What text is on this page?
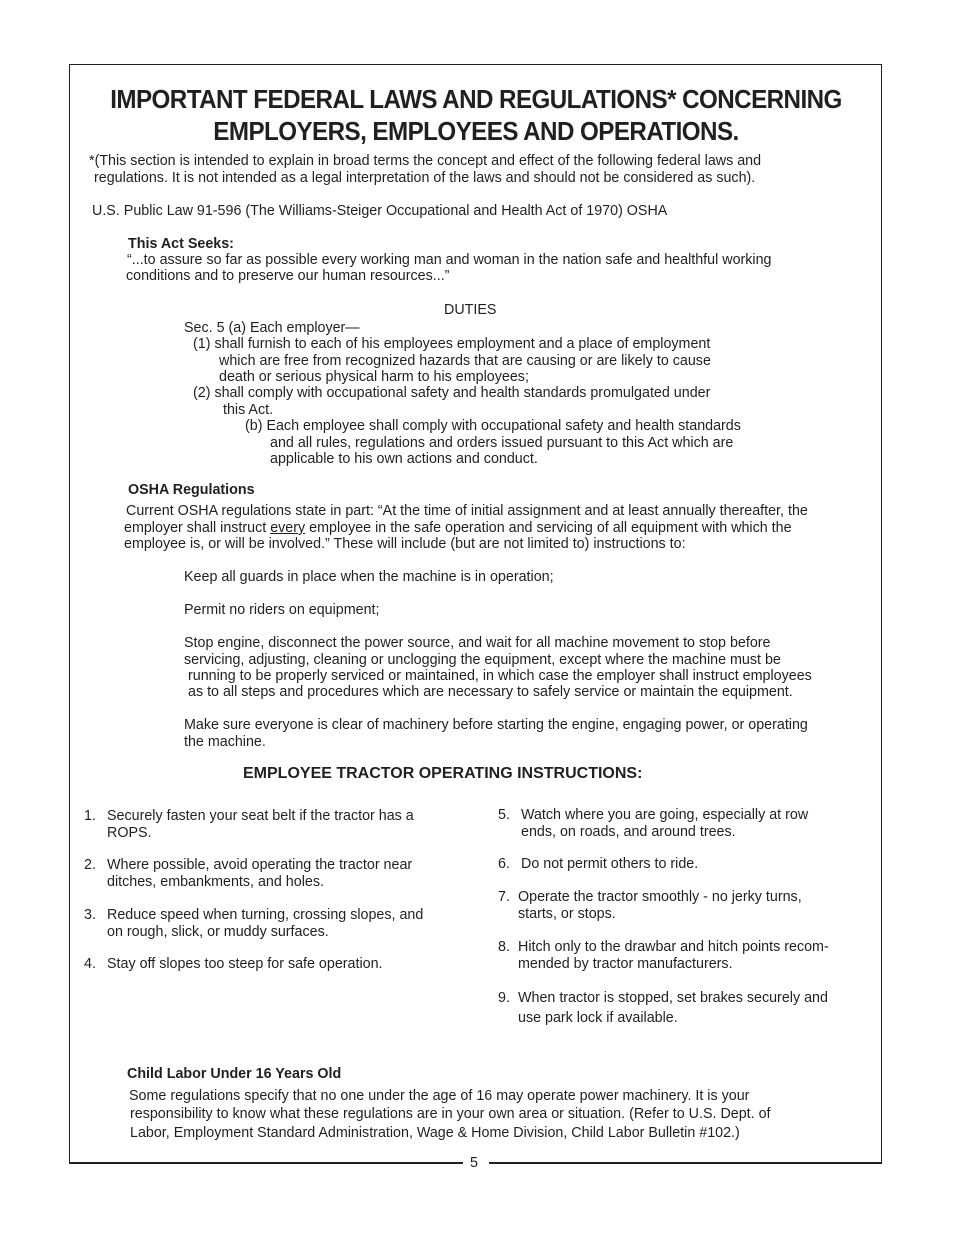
IMPORTANT FEDERAL LAWS AND REGULATIONS* CONCERNING
EMPLOYERS, EMPLOYEES AND OPERATIONS.
*(This section is intended to explain in broad terms the concept and effect of the following federal laws and
regulations. It is not intended as a legal interpretation of the laws and should not be considered as such).
U.S. Public Law 91-596 (The Williams-Steiger Occupational and Health Act of 1970) OSHA
This Act Seeks:
“...to assure so far as possible every working man and woman in the nation safe and healthful working
conditions and to preserve our human resources...”
DUTIES
Sec. 5 (a) Each employer—
(1) shall furnish to each of his employees employment and a place of employment
which are free from recognized hazards that are causing or are likely to cause
death or serious physical harm to his employees;
(2) shall comply with occupational safety and health standards promulgated under
this Act.
(b) Each employee shall comply with occupational safety and health standards
and all rules, regulations and orders issued pursuant to this Act which are
applicable to his own actions and conduct.
OSHA Regulations
Current OSHA regulations state in part: “At the time of initial assignment and at least annually thereafter, the
employer shall instruct every employee in the safe operation and servicing of all equipment with which the
employee is, or will be involved.” These will include (but are not limited to) instructions to:
Keep all guards in place when the machine is in operation;
Permit no riders on equipment;
Stop engine, disconnect the power source, and wait for all machine movement to stop before
servicing, adjusting, cleaning or unclogging the equipment, except where the machine must be
running to be properly serviced or maintained, in which case the employer shall instruct employees
as to all steps and procedures which are necessary to safely service or maintain the equipment.
Make sure everyone is clear of machinery before starting the engine, engaging power, or operating
the machine.
EMPLOYEE TRACTOR OPERATING INSTRUCTIONS:
1. Securely fasten your seat belt if the tractor has a
ROPS.
2. Where possible, avoid operating the tractor near
ditches, embankments, and holes.
3. Reduce speed when turning, crossing slopes, and
on rough, slick, or muddy surfaces.
4. Stay off slopes too steep for safe operation.
5. Watch where you are going, especially at row
ends, on roads, and around trees.
6. Do not permit others to ride.
7. Operate the tractor smoothly - no jerky turns,
starts, or stops.
8. Hitch only to the drawbar and hitch points recom-
mended by tractor manufacturers.
9. When tractor is stopped, set brakes securely and
use park lock if available.
Child Labor Under 16 Years Old
Some regulations specify that no one under the age of 16 may operate power machinery. It is your
responsibility to know what these regulations are in your own area or situation. (Refer to U.S. Dept. of
Labor, Employment Standard Administration, Wage & Home Division, Child Labor Bulletin #102.)
5
